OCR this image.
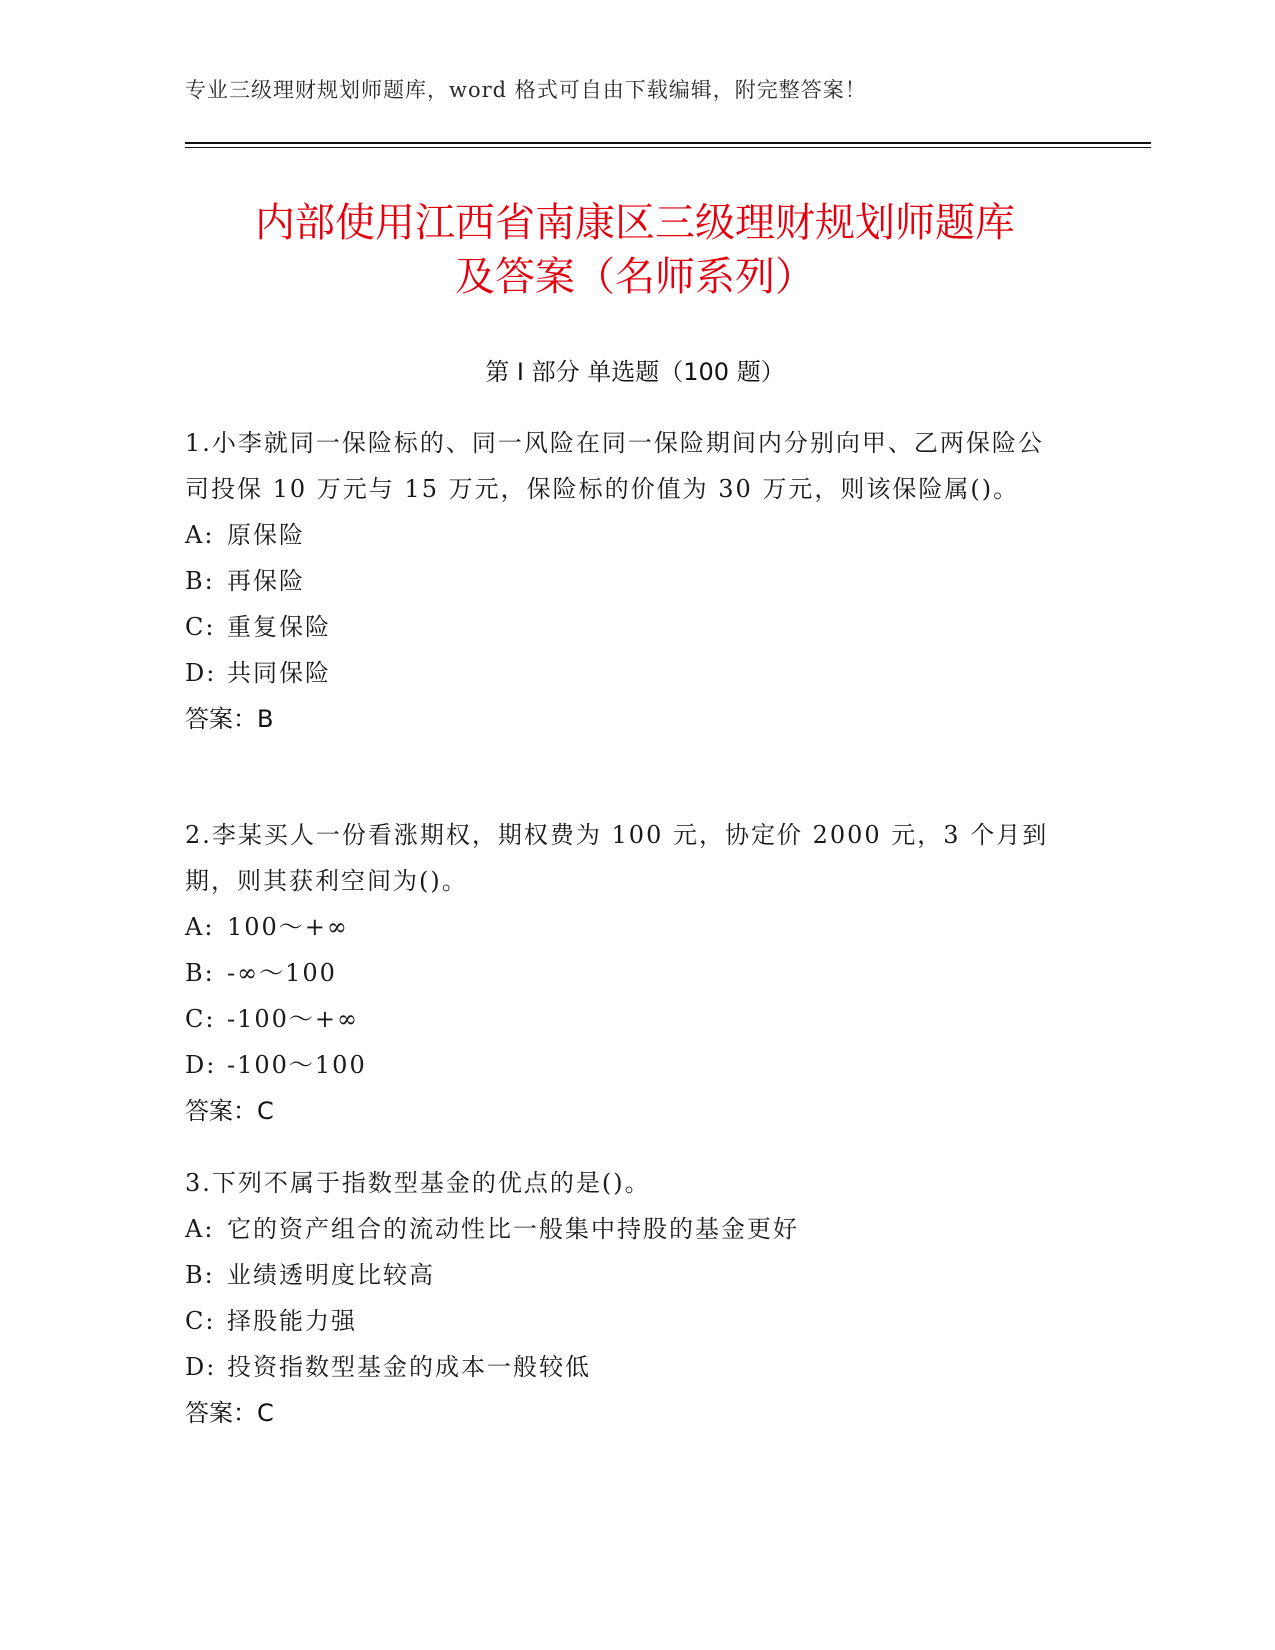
专业三级理财规划师题库，word 格式可自由下载编辑，附完整答案！
内部使用江西省南康区三级理财规划师题库
及答案（名师系列）
第 I 部分 单选题（100 题）

1.小李就同一保险标的、同一风险在同一保险期间内分别向甲、乙两保险公司投保 10 万元与 15 万元，保险标的价值为 30 万元，则该保险属()。

A: 原保险

B: 再保险

C: 重复保险

D: 共同保险

答案：B

2.李某买人一份看涨期权，期权费为 100 元，协定价 2000 元，3 个月到期，则其获利空间为()。

A: 100～+∞

B: -∞～100

C: -100～+∞

D: -100～100

答案：C

3.下列不属于指数型基金的优点的是()。

A: 它的资产组合的流动性比一般集中持股的基金更好

B: 业绩透明度比较高

C: 择股能力强

D: 投资指数型基金的成本一般较低

答案：C
